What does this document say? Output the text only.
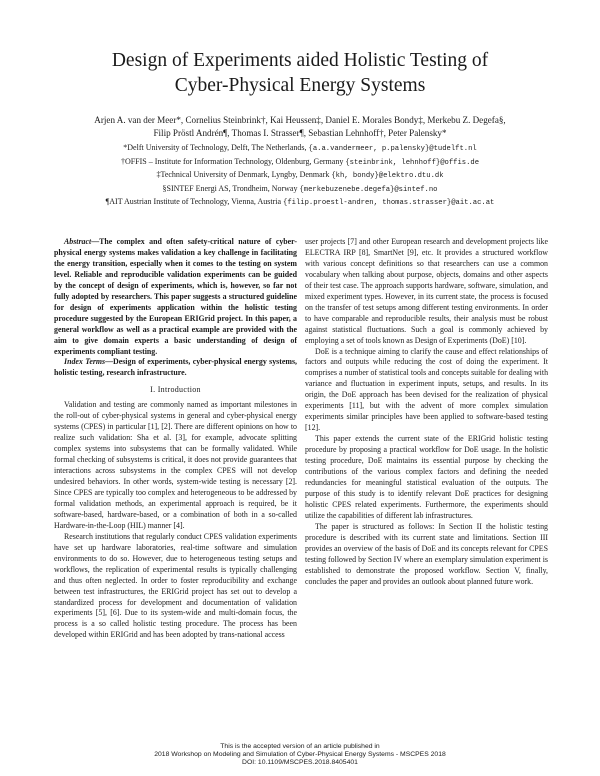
Design of Experiments aided Holistic Testing of
Cyber-Physical Energy Systems
Arjen A. van der Meer*, Cornelius Steinbrink†, Kai Heussen‡, Daniel E. Morales Bondy‡, Merkebu Z. Degefa§,
Filip Pröstl Andrén¶, Thomas I. Strasser¶, Sebastian Lehnhoff†, Peter Palensky*
*Delft University of Technology, Delft, The Netherlands, {a.a.vandermeer, p.palensky}@tudelft.nl
†OFFIS – Institute for Information Technology, Oldenburg, Germany {steinbrink, lehnhoff}@offis.de
‡Technical University of Denmark, Lyngby, Denmark {kh, bondy}@elektro.dtu.dk
§SINTEF Energi AS, Trondheim, Norway {merkebuzenebe.degefa}@sintef.no
¶AIT Austrian Institute of Technology, Vienna, Austria {filip.proestl-andren, thomas.strasser}@ait.ac.at

Abstract—The complex and often safety-critical nature of cyber-physical energy systems makes validation a key challenge in facilitating the energy transition, especially when it comes to the testing on system level. Reliable and reproducible validation experiments can be guided by the concept of design of experiments, which is, however, so far not fully adopted by researchers. This paper suggests a structured guideline for design of experiments application within the holistic testing procedure suggested by the European ERIGrid project. In this paper, a general workflow as well as a practical example are provided with the aim to give domain experts a basic understanding of design of experiments compliant testing.

Index Terms—Design of experiments, cyber-physical energy systems, holistic testing, research infrastructure.

I. Introduction

Validation and testing are commonly named as important milestones in the roll-out of cyber-physical systems in general and cyber-physical energy systems (CPES) in particular [1], [2]. There are different opinions on how to realize such validation: Sha et al. [3], for example, advocate splitting complex systems into subsystems that can be formally validated. While formal checking of subsystems is critical, it does not provide guarantees that interactions across subsystems in the complex CPES will not develop undesired behaviors. In other words, system-wide testing is necessary [2]. Since CPES are typically too complex and heterogeneous to be addressed by formal validation methods, an experimental approach is required, be it software-based, hardware-based, or a combination of both in a so-called Hardware-in-the-Loop (HIL) manner [4].

Research institutions that regularly conduct CPES validation experiments have set up hardware laboratories, real-time software and simulation environments to do so. However, due to heterogeneous testing setups and workflows, the replication of experimental results is typically challenging and thus often neglected. In order to foster reproducibility and exchange between test infrastructures, the ERIGrid project has set out to develop a standardized process for development and documentation of validation experiments [5], [6]. Due to its system-wide and multi-domain focus, the process is a so called holistic testing procedure. The process has been developed within ERIGrid and has been adopted by trans-national access

user projects [7] and other European research and development projects like ELECTRA IRP [8], SmartNet [9], etc. It provides a structured workflow with various concept definitions so that researchers can use a common vocabulary when talking about purpose, objects, domains and other aspects of their test case. The approach supports hardware, software, simulation, and mixed experiment types. However, in its current state, the process is focused on the transfer of test setups among different testing environments. In order to have comparable and reproducible results, their analysis must be robust against statistical fluctuations. Such a goal is commonly achieved by employing a set of tools known as Design of Experiments (DoE) [10].

DoE is a technique aiming to clarify the cause and effect relationships of factors and outputs while reducing the cost of doing the experiment. It comprises a number of statistical tools and concepts suitable for dealing with variance and fluctuation in experiment inputs, setups, and results. In its origin, the DoE approach has been devised for the realization of physical experiments [11], but with the advent of more complex simulation experiments similar principles have been applied to software-based testing [12].

This paper extends the current state of the ERIGrid holistic testing procedure by proposing a practical workflow for DoE usage. In the holistic testing procedure, DoE maintains its essential purpose by checking the contributions of the various complex factors and defining the needed redundancies for meaningful statistical evaluation of the outputs. The purpose of this study is to identify relevant DoE practices for designing holistic CPES related experiments. Furthermore, the experiments should utilize the capabilities of different lab infrastructures.

The paper is structured as follows: In Section II the holistic testing procedure is described with its current state and limitations. Section III provides an overview of the basis of DoE and its concepts relevant for CPES testing followed by Section IV where an exemplary simulation experiment is established to demonstrate the proposed workflow. Section V, finally, concludes the paper and provides an outlook about planned future work.

This is the accepted version of an article published in
2018 Workshop on Modeling and Simulation of Cyber-Physical Energy Systems - MSCPES 2018
DOI: 10.1109/MSCPES.2018.8405401
